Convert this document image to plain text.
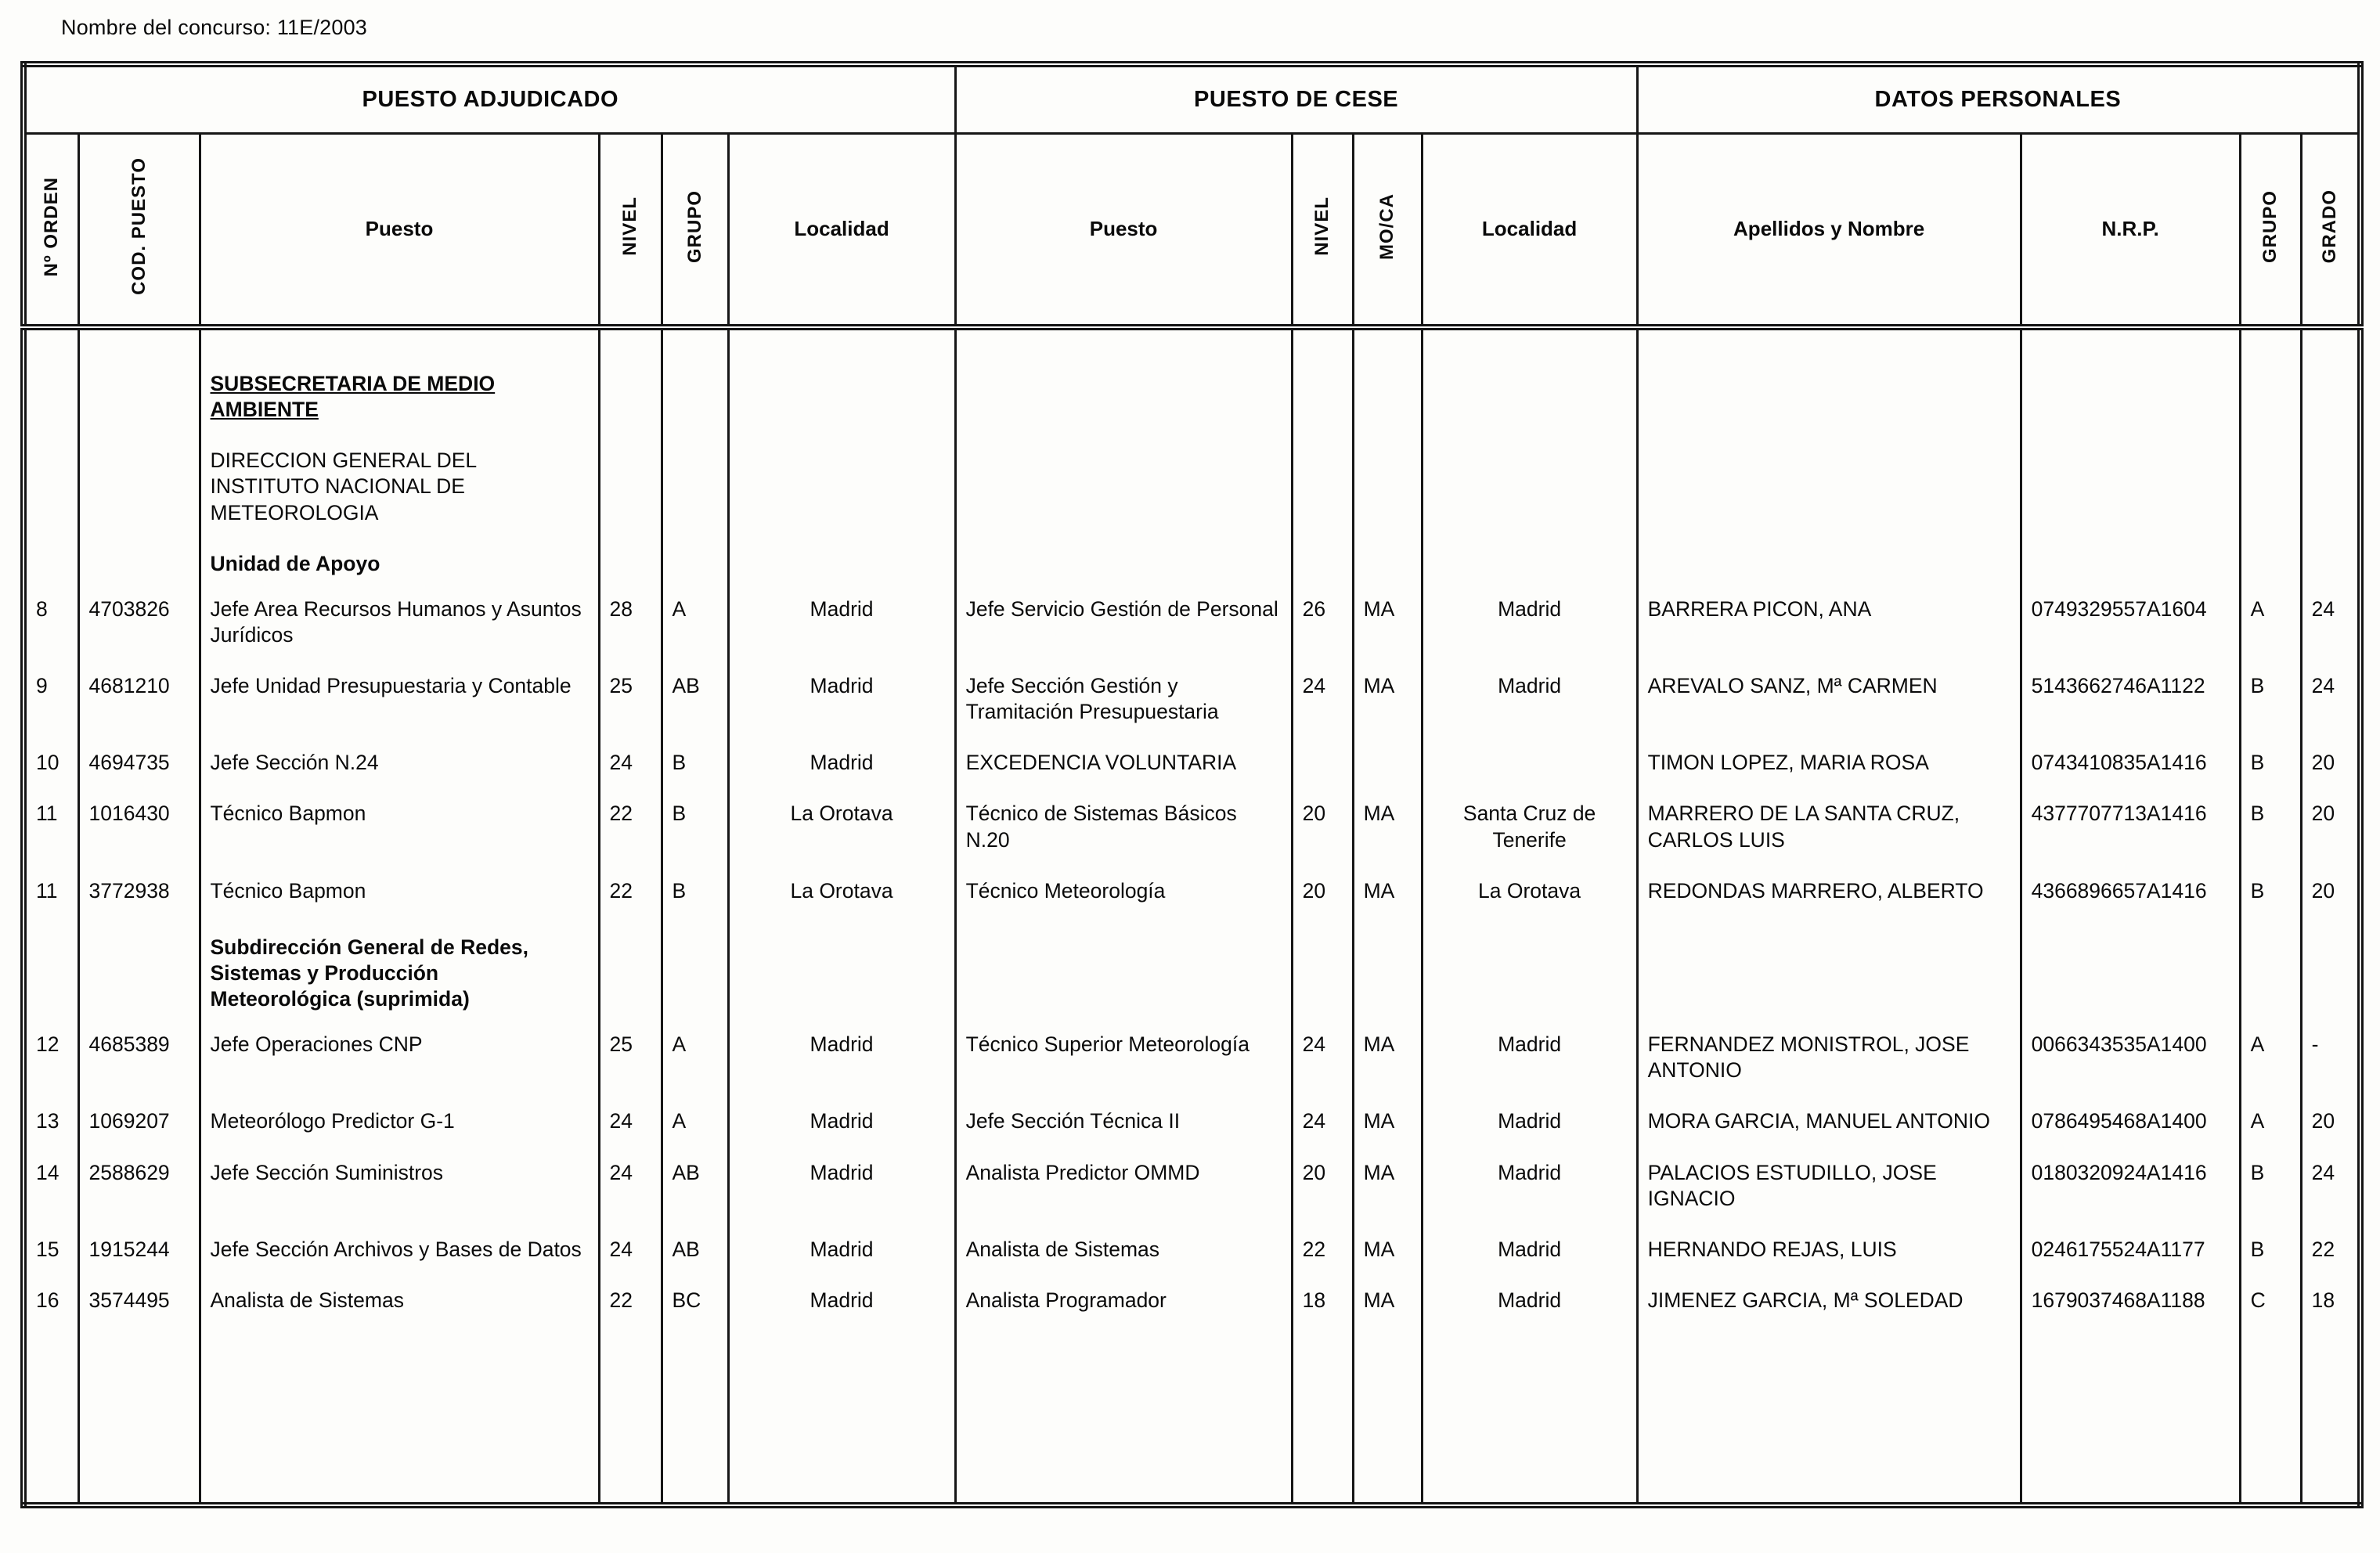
Nombre del concurso: 11E/2003
PUESTO ADJUDICADO						PUESTO DE CESE				DATOS PERSONALES			
Nº ORDEN	COD. PUESTO	Puesto	NIVEL	GRUPO	Localidad	Puesto	NIVEL	MO/CA	Localidad	Apellidos y Nombre	N.R.P.	GRUPO	GRADO
		SUBSECRETARIA DE MEDIO AMBIENTE											
		DIRECCION GENERAL DEL INSTITUTO NACIONAL DE METEOROLOGIA											
		Unidad de Apoyo											
8	4703826	Jefe Area Recursos Humanos y Asuntos Jurídicos	28	A	Madrid	Jefe Servicio Gestión de Personal	26	MA	Madrid	BARRERA PICON, ANA	0749329557A1604	A	24
9	4681210	Jefe Unidad Presupuestaria y Contable	25	AB	Madrid	Jefe Sección Gestión y Tramitación Presupuestaria	24	MA	Madrid	AREVALO SANZ, Mª CARMEN	5143662746A1122	B	24
10	4694735	Jefe Sección N.24	24	B	Madrid	EXCEDENCIA VOLUNTARIA				TIMON LOPEZ, MARIA ROSA	0743410835A1416	B	20
11	1016430	Técnico Bapmon	22	B	La Orotava	Técnico de Sistemas Básicos N.20	20	MA	Santa Cruz de Tenerife	MARRERO DE LA SANTA CRUZ, CARLOS LUIS	4377707713A1416	B	20
11	3772938	Técnico Bapmon	22	B	La Orotava	Técnico Meteorología	20	MA	La Orotava	REDONDAS MARRERO, ALBERTO	4366896657A1416	B	20
		Subdirección General de Redes, Sistemas y Producción Meteorológica (suprimida)											
12	4685389	Jefe Operaciones CNP	25	A	Madrid	Técnico Superior Meteorología	24	MA	Madrid	FERNANDEZ MONISTROL, JOSE ANTONIO	0066343535A1400	A	-
13	1069207	Meteorólogo Predictor G-1	24	A	Madrid	Jefe Sección Técnica II	24	MA	Madrid	MORA GARCIA, MANUEL ANTONIO	0786495468A1400	A	20
14	2588629	Jefe Sección Suministros	24	AB	Madrid	Analista Predictor OMMD	20	MA	Madrid	PALACIOS ESTUDILLO, JOSE IGNACIO	0180320924A1416	B	24
15	1915244	Jefe Sección Archivos y Bases de Datos	24	AB	Madrid	Analista de Sistemas	22	MA	Madrid	HERNANDO REJAS, LUIS	0246175524A1177	B	22
16	3574495	Analista de Sistemas	22	BC	Madrid	Analista Programador	18	MA	Madrid	JIMENEZ GARCIA, Mª SOLEDAD	1679037468A1188	C	18
